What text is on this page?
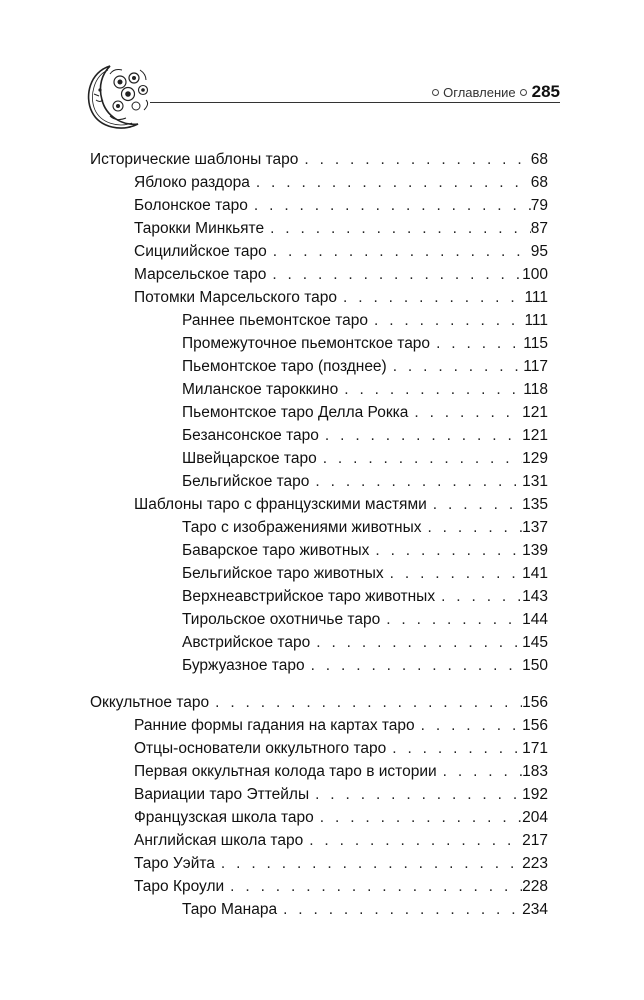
Оглавление 285
Исторические шаблоны таро . . .	68
Яблоко раздора . . .	68
Болонское таро . . .	79
Тарокки Минкьяте . . .	87
Сицилийское таро . . .	95
Марсельское таро . . .	100
Потомки Марсельского таро . . .	111
Раннее пьемонтское таро . . .	111
Промежуточное пьемонтское таро . . .	115
Пьемонтское таро (позднее) . . .	117
Миланское тароккино . . .	118
Пьемонтское таро Делла Рокка . . .	121
Безансонское таро . . .	121
Швейцарское таро . . .	129
Бельгийское таро . . .	131
Шаблоны таро с французскими мастями . . .	135
Таро с изображениями животных . . .	137
Баварское таро животных . . .	139
Бельгийское таро животных . . .	141
Верхнеавстрийское таро животных . . .	143
Тирольское охотничье таро . . .	144
Австрийское таро . . .	145
Буржуазное таро . . .	150
Оккультное таро . . .	156
Ранние формы гадания на картах таро . . .	156
Отцы-основатели оккультного таро . . .	171
Первая оккультная колода таро в истории . . .	183
Вариации таро Эттейлы . . .	192
Французская школа таро . . .	204
Английская школа таро . . .	217
Таро Уэйта . . .	223
Таро Кроули . . .	228
Таро Манара . . .	234
